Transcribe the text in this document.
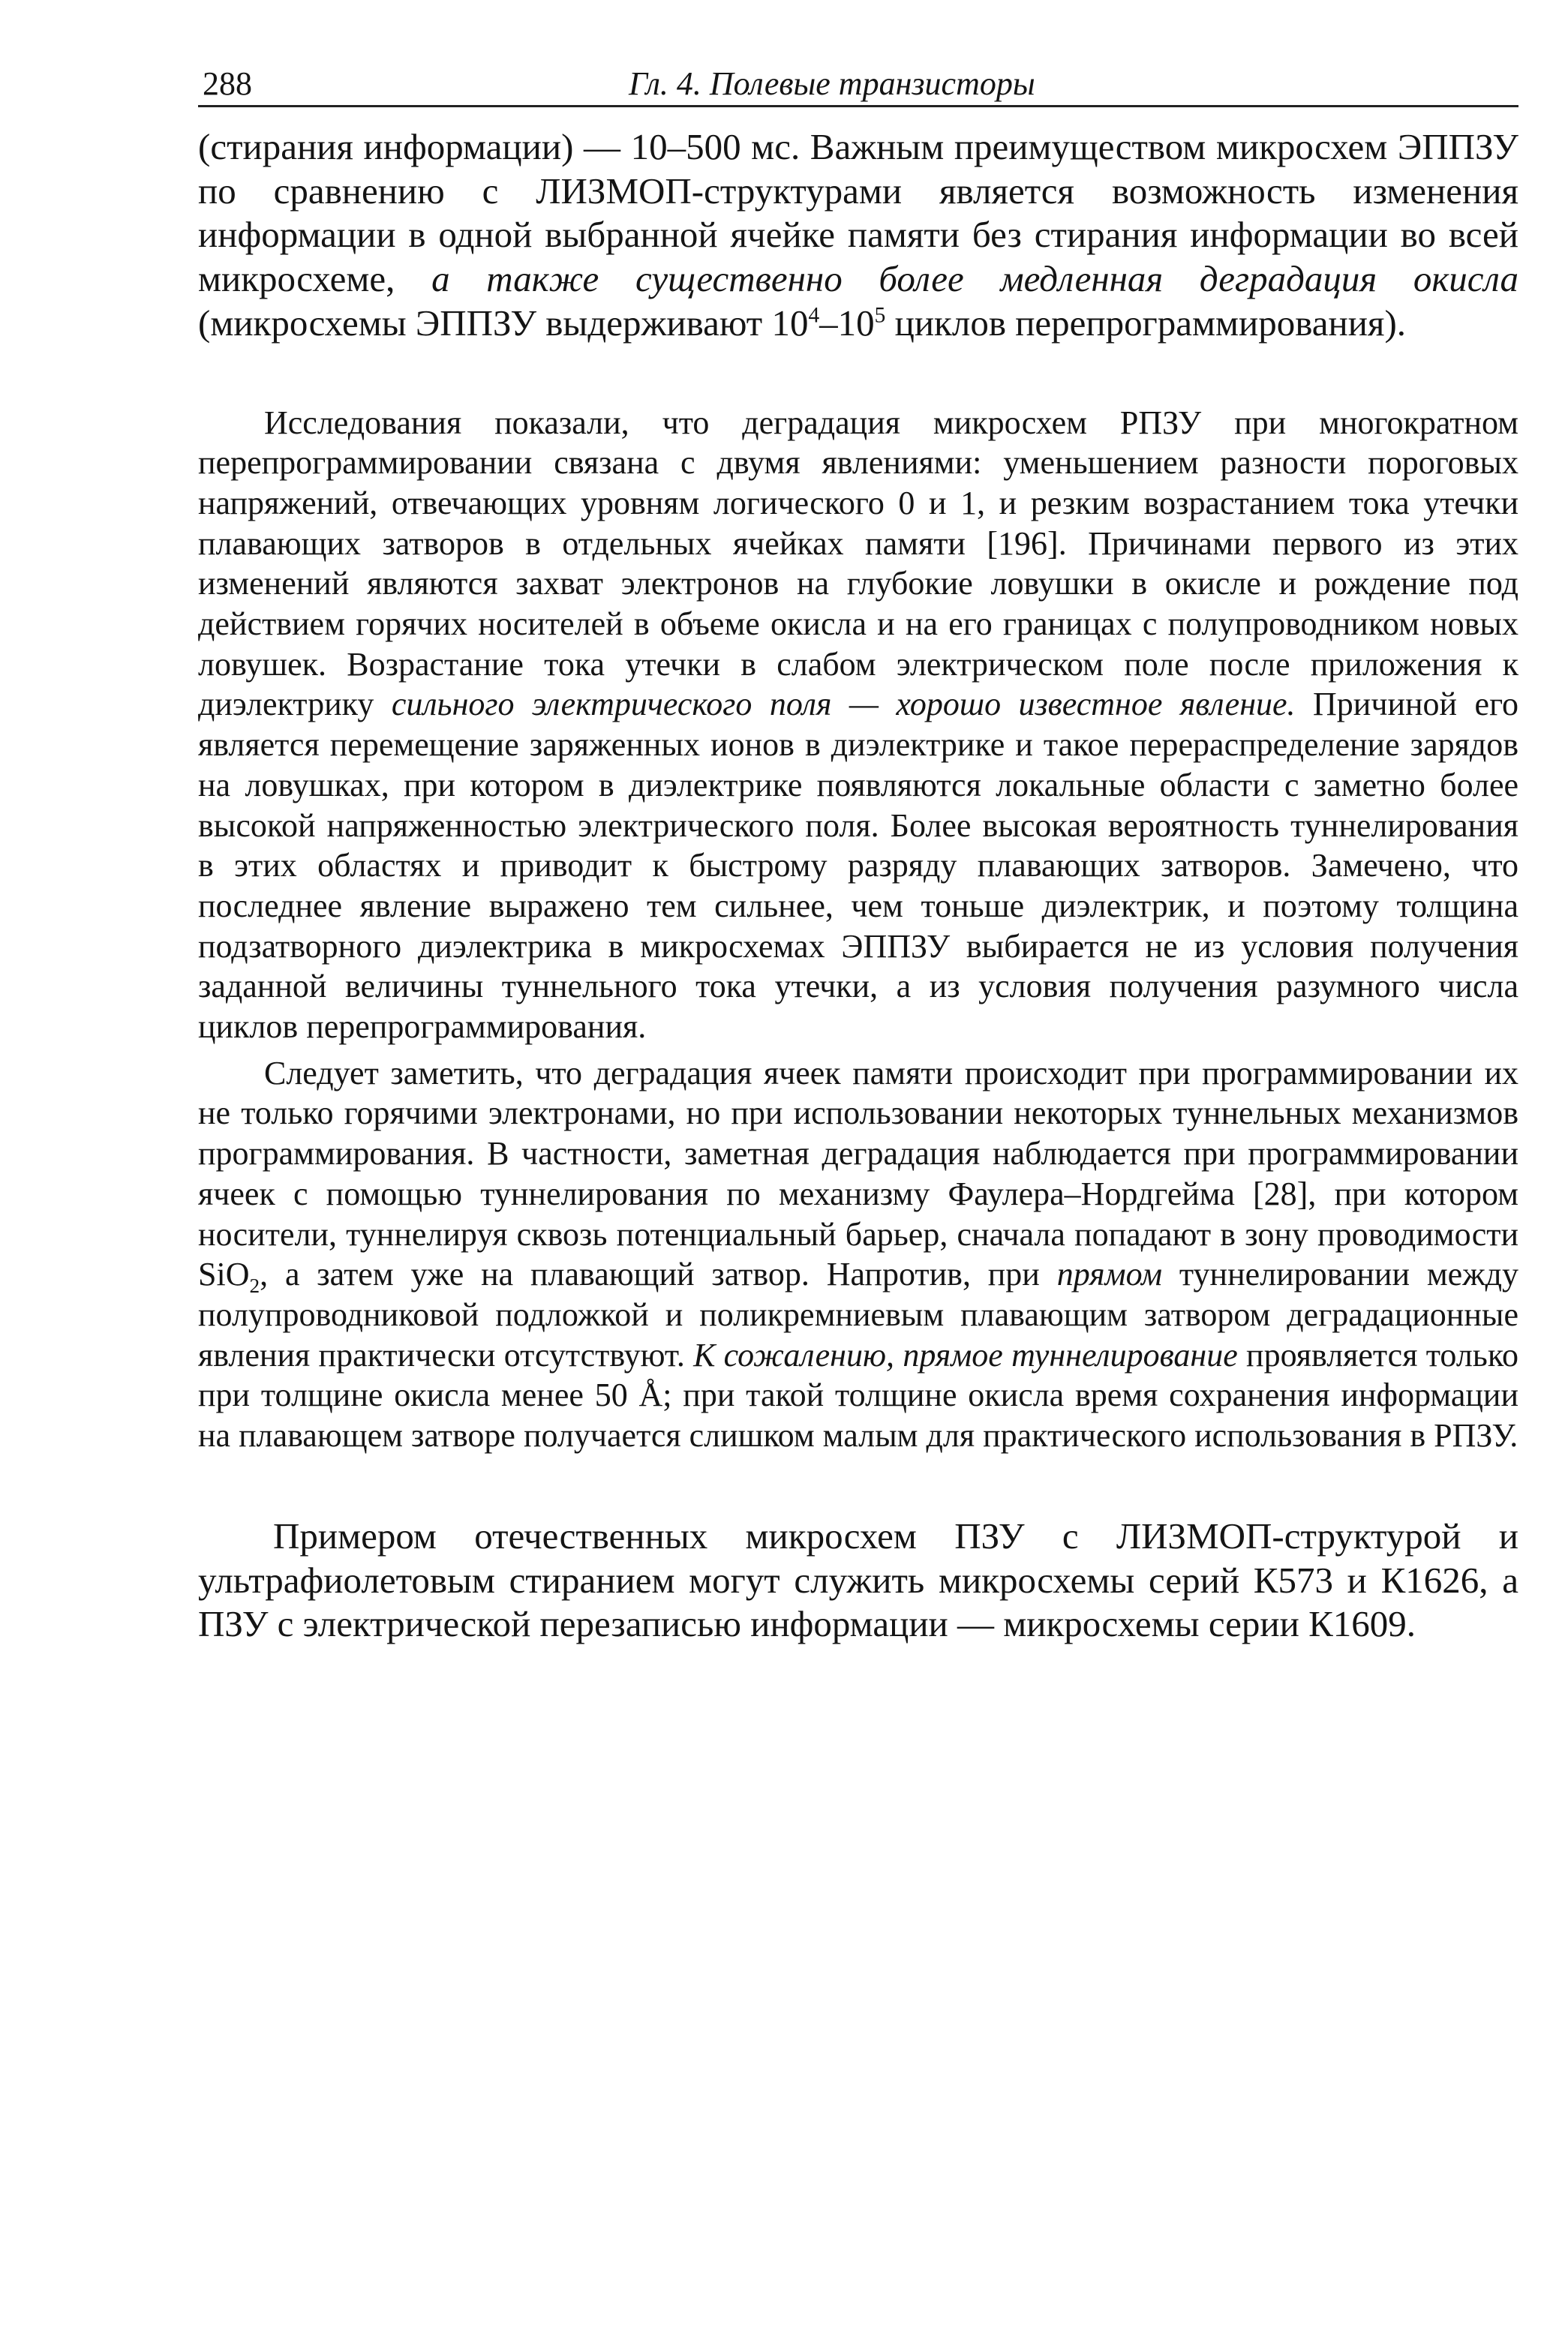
288	Гл. 4. Полевые транзисторы

(стирания информации) — 10–500 мс. Важным преимуществом микросхем ЭППЗУ по сравнению с ЛИЗМОП-структурами является возможность изменения информации в одной выбранной ячейке памяти без стирания информации во всей микросхеме, а также существенно более медленная деградация окисла (микросхемы ЭППЗУ выдерживают $10^4-10^5$ циклов перепрограммирования).

Исследования показали, что деградация микросхем РПЗУ при многократном перепрограммировании связана с двумя явлениями: уменьшением разности пороговых напряжений, отвечающих уровням логического 0 и 1, и резким возрастанием тока утечки плавающих затворов в отдельных ячейках памяти [196]. Причинами первого из этих изменений являются захват электронов на глубокие ловушки в окисле и рождение под действием горячих носителей в объеме окисла и на его границах с полупроводником новых ловушек. Возрастание тока утечки в слабом электрическом поле после приложения к диэлектрику сильного электрического поля — хорошо известное явление. Причиной его является перемещение заряженных ионов в диэлектрике и такое перераспределение зарядов на ловушках, при котором в диэлектрике появляются локальные области с заметно более высокой напряженностью электрического поля. Более высокая вероятность туннелирования в этих областях и приводит к быстрому разряду плавающих затворов. Замечено, что последнее явление выражено тем сильнее, чем тоньше диэлектрик, и поэтому толщина подзатворного диэлектрика в микросхемах ЭППЗУ выбирается не из условия получения заданной величины туннельного тока утечки, а из условия получения разумного числа циклов перепрограммирования.

Следует заметить, что деградация ячеек памяти происходит при программировании их не только горячими электронами, но при использовании некоторых туннельных механизмов программирования. В частности, заметная деградация наблюдается при программировании ячеек с помощью туннелирования по механизму Фаулера–Нордгейма [28], при котором носители, туннелируя сквозь потенциальный барьер, сначала попадают в зону проводимости SiO$_2$, а затем уже на плавающий затвор. Напротив, при прямом туннелировании между полупроводниковой подложкой и поликремниевым плавающим затвором деградационные явления практически отсутствуют. К сожалению, прямое туннелирование проявляется только при толщине окисла менее 50 Å; при такой толщине окисла время сохранения информации на плавающем затворе получается слишком малым для практического использования в РПЗУ.

Примером отечественных микросхем ПЗУ с ЛИЗМОП-структурой и ультрафиолетовым стиранием могут служить микросхемы серий К573 и К1626, а ПЗУ с электрической перезаписью информации — микросхемы серии К1609.
